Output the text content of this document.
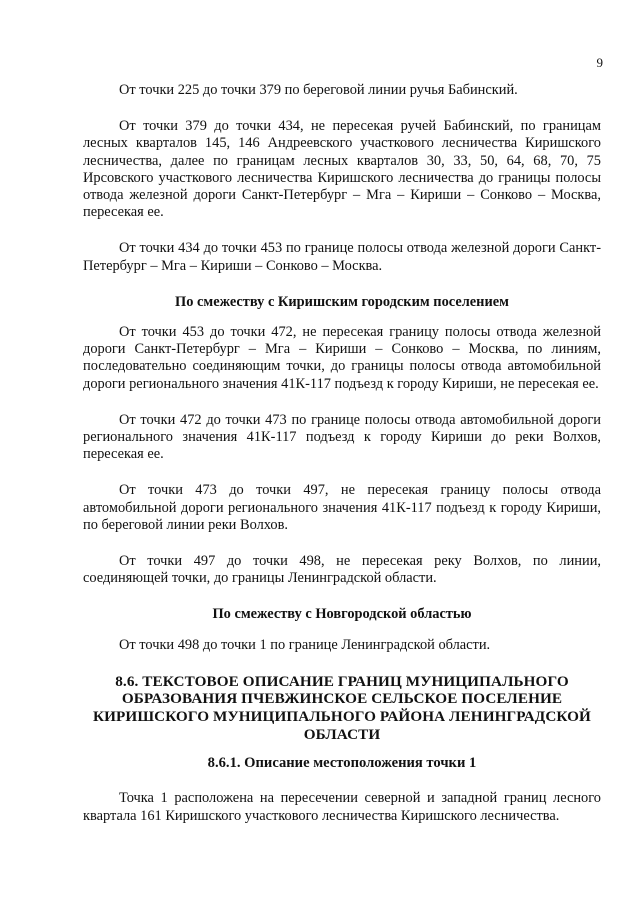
9

От точки 225 до точки 379 по береговой линии ручья Бабинский.

От точки 379 до точки 434, не пересекая ручей Бабинский, по границам лесных кварталов 145, 146 Андреевского участкового лесничества Киришского лесничества, далее по границам лесных кварталов 30, 33, 50, 64, 68, 70, 75 Ирсовского участкового лесничества Киришского лесничества до границы полосы отвода железной дороги Санкт-Петербург – Мга – Кириши – Сонково – Москва, пересекая ее.

От точки 434 до точки 453 по границе полосы отвода железной дороги Санкт-Петербург – Мга – Кириши – Сонково – Москва.

По смежеству с Киришским городским поселением

От точки 453 до точки 472, не пересекая границу полосы отвода железной дороги Санкт-Петербург – Мга – Кириши – Сонково – Москва, по линиям, последовательно соединяющим точки, до границы полосы отвода автомобильной дороги регионального значения 41К-117 подъезд к городу Кириши, не пересекая ее.

От точки 472 до точки 473 по границе полосы отвода автомобильной дороги регионального значения 41К-117 подъезд к городу Кириши до реки Волхов, пересекая ее.

От точки 473 до точки 497, не пересекая границу полосы отвода автомобильной дороги регионального значения 41К-117 подъезд к городу Кириши, по береговой линии реки Волхов.

От точки 497 до точки 498, не пересекая реку Волхов, по линии, соединяющей точки, до границы Ленинградской области.

По смежеству с Новгородской областью

От точки 498 до точки 1 по границе Ленинградской области.

8.6. ТЕКСТОВОЕ ОПИСАНИЕ ГРАНИЦ МУНИЦИПАЛЬНОГО ОБРАЗОВАНИЯ ПЧЕВЖИНСКОЕ СЕЛЬСКОЕ ПОСЕЛЕНИЕ КИРИШСКОГО МУНИЦИПАЛЬНОГО РАЙОНА ЛЕНИНГРАДСКОЙ ОБЛАСТИ
8.6.1. Описание местоположения точки 1

Точка 1 расположена на пересечении северной и западной границ лесного квартала 161 Киришского участкового лесничества Киришского лесничества.
